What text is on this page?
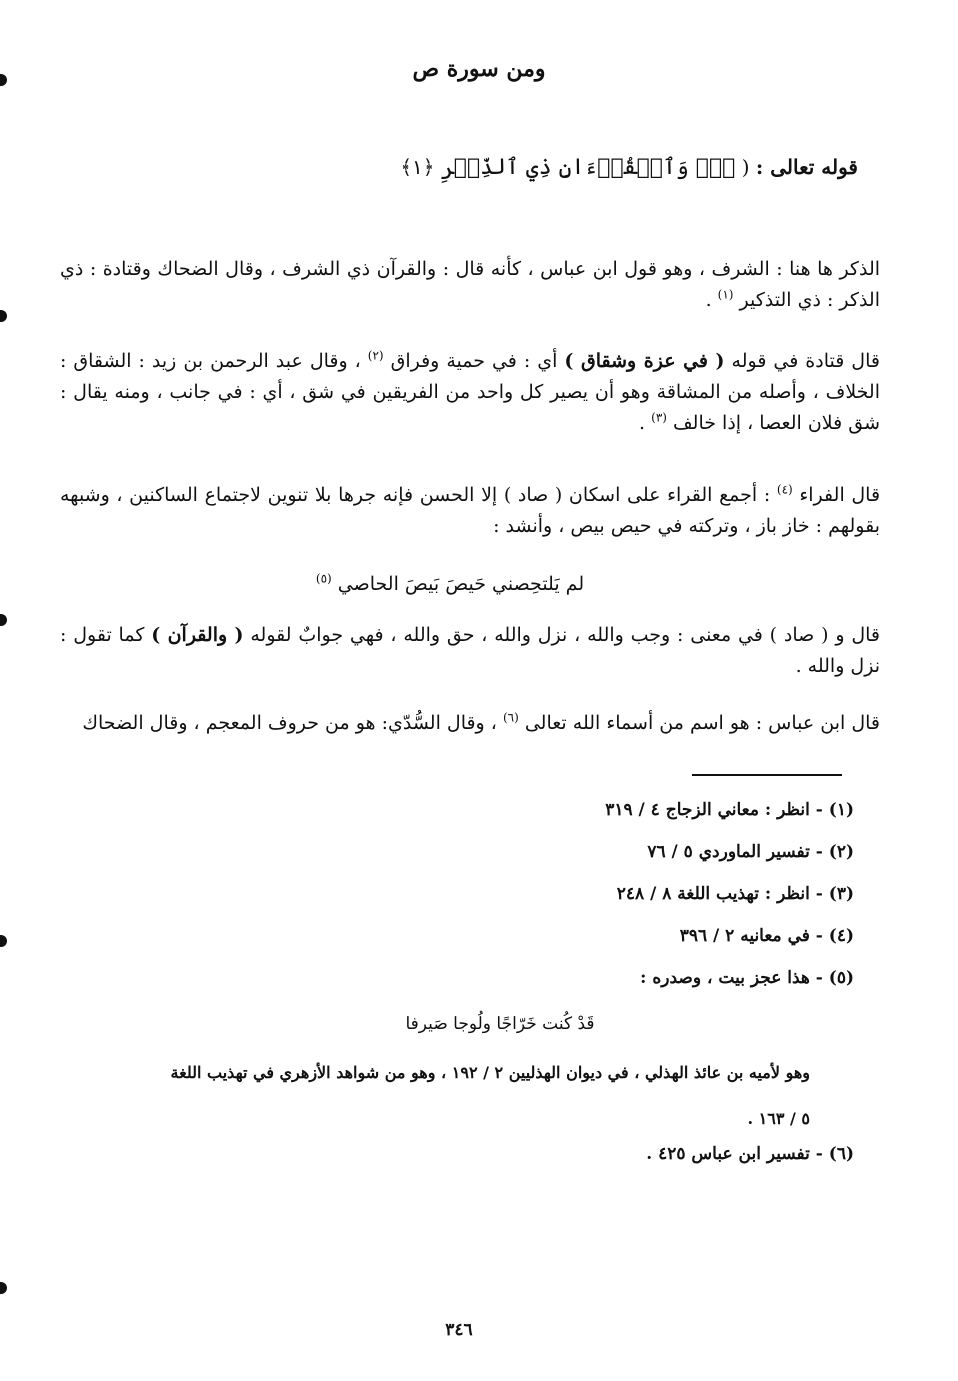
ومن سورة ص
قوله تعالى : ( صٓۚ وَٱلۡقُرۡءَانِ ذِي ٱلذِّكۡرِ ﴿١﴾
الذكر ها هنا : الشرف ، وهو قول ابن عباس ، كأنه قال : والقرآن ذي الشرف ، وقال الضحاك وقتادة : ذي الذكر : ذي التذكير $^{(١)}$ .
قال قتادة في قوله ( في عزة وشقاق ) أي : في حمية وفراق $^{(٢)}$ ، وقال عبد الرحمن بن زيد : الشقاق : الخلاف ، وأصله من المشاقة وهو أن يصير كل واحد من الفريقين في شق ، أي : في جانب ، ومنه يقال : شق فلان العصا ، إذا خالف $^{(٣)}$ .
قال الفراء $^{(٤)}$ : أجمع القراء على اسكان ( صاد ) إلا الحسن فإنه جرها بلا تنوين لاجتماع الساكنين ، وشبهه بقولهم : خاز باز ، وتركته في حيص بيص ، وأنشد :
لم يَلتحِصني حَيصَ بَيصَ الحاصي $^{(٥)}$
قال و ( صاد ) في معنى : وجب والله ، نزل والله ، حق والله ، فهي جوابٌ لقوله ( والقرآن ) كما تقول : نزل والله .
قال ابن عباس : هو اسم من أسماء الله تعالى $^{(٦)}$ ، وقال السُّدّي: هو من حروف المعجم ، وقال الضحاك
(١) - انظر : معاني الزجاج ٤ / ٣١٩
(٢) - تفسير الماوردي ٥ / ٧٦
(٣) - انظر : تهذيب اللغة ٨ / ٢٤٨
(٤) - في معانيه ٢ / ٣٩٦
(٥) - هذا عجز بيت ، وصدره :
قَدْ كُنت خَرّاجًا ولُوجا صَيرفا
وهو لأميه بن عائذ الهذلي ، في ديوان الهذليين ٢ / ١٩٢ ، وهو من شواهد الأزهري في تهذيب اللغة
٥ / ١٦٣ .
(٦) - تفسير ابن عباس ٤٢٥ .
٣٤٦
